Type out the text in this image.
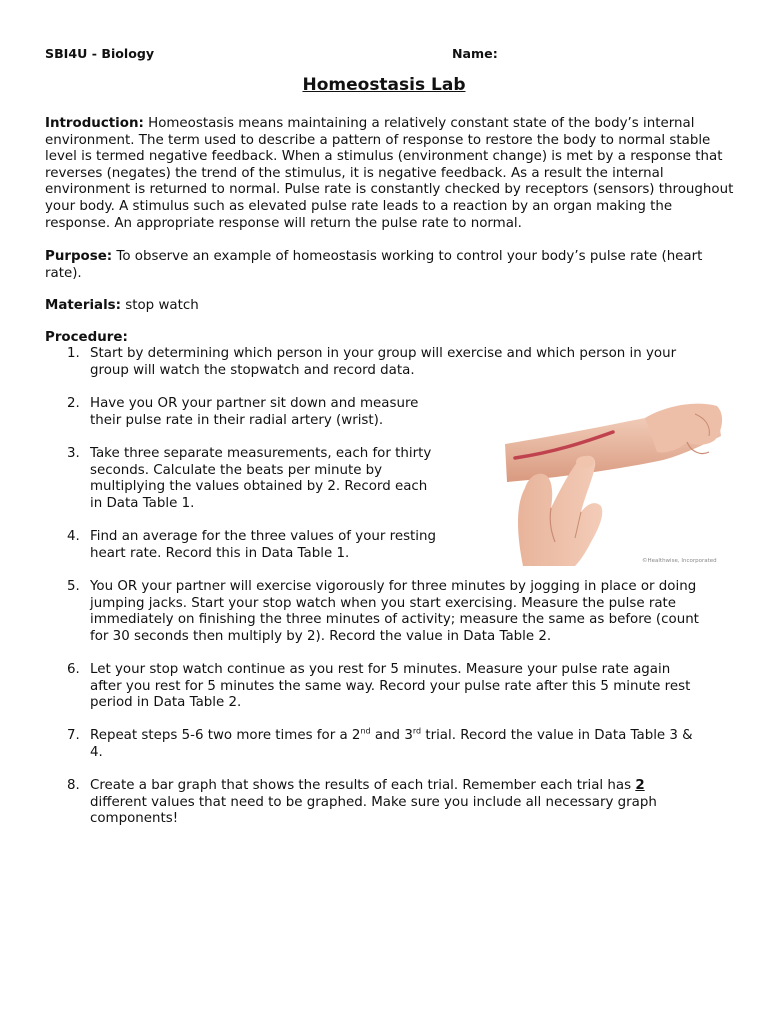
SBI4U - Biology	Name:
Homeostasis Lab
Introduction: Homeostasis means maintaining a relatively constant state of the body’s internal environment. The term used to describe a pattern of response to restore the body to normal stable level is termed negative feedback. When a stimulus (environment change) is met by a response that reverses (negates) the trend of the stimulus, it is negative feedback. As a result the internal environment is returned to normal. Pulse rate is constantly checked by receptors (sensors) throughout your body. A stimulus such as elevated pulse rate leads to a reaction by an organ making the response. An appropriate response will return the pulse rate to normal.
Purpose: To observe an example of homeostasis working to control your body’s pulse rate (heart rate).
Materials: stop watch
Procedure:
1. Start by determining which person in your group will exercise and which person in your
group will watch the stopwatch and record data.
2. Have you OR your partner sit down and measure
their pulse rate in their radial artery (wrist).
3. Take three separate measurements, each for thirty
seconds. Calculate the beats per minute by
multiplying the values obtained by 2. Record each
in Data Table 1.
4. Find an average for the three values of your resting
heart rate. Record this in Data Table 1.
5. You OR your partner will exercise vigorously for three minutes by jogging in place or doing
jumping jacks. Start your stop watch when you start exercising. Measure the pulse rate
immediately on finishing the three minutes of activity; measure the same as before (count
for 30 seconds then multiply by 2). Record the value in Data Table 2.
6. Let your stop watch continue as you rest for 5 minutes. Measure your pulse rate again
after you rest for 5 minutes the same way. Record your pulse rate after this 5 minute rest
period in Data Table 2.
7. Repeat steps 5-6 two more times for a 2nd and 3rd trial. Record the value in Data Table 3 &
4.
8. Create a bar graph that shows the results of each trial. Remember each trial has 2
different values that need to be graphed. Make sure you include all necessary graph
components!
©Healthwise, Incorporated
